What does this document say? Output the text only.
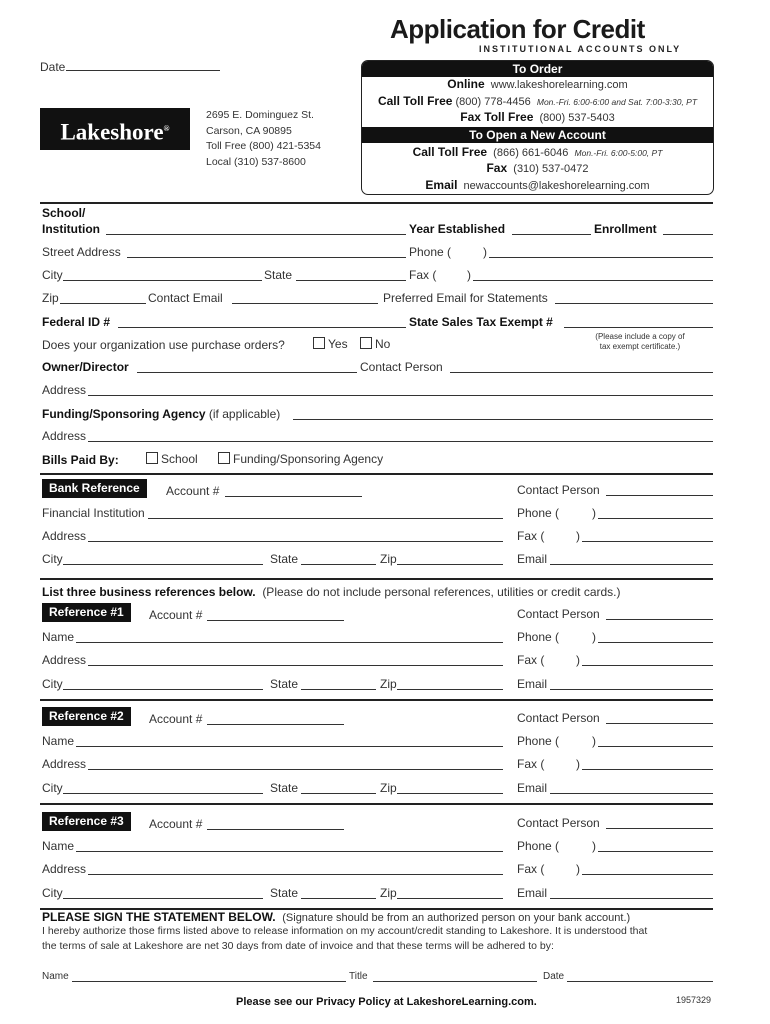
Application for Credit
INSTITUTIONAL ACCOUNTS ONLY
Date
Lakeshore®
2695 E. Dominguez St.
Carson, CA 90895
Toll Free (800) 421-5354
Local (310) 537-8600
To Order
Online www.lakeshorelearning.com
Call Toll Free (800) 778-4456 Mon.-Fri. 6:00-6:00 and Sat. 7:00-3:30, PT
Fax Toll Free (800) 537-5403
To Open a New Account
Call Toll Free (866) 661-6046 Mon.-Fri. 6:00-5:00, PT
Fax (310) 537-0472
Email newaccounts@lakeshorelearning.com
School/
Institution	Year Established	Enrollment
Street Address	Phone (	)
City	State	Fax (	)
Zip	Contact Email	Preferred Email for Statements
Federal ID #	State Sales Tax Exempt #
Does your organization use purchase orders?	Yes	No
(Please include a copy of
tax exempt certificate.)
Owner/Director	Contact Person
Address
Funding/Sponsoring Agency (if applicable)
Address
Bills Paid By:	School	Funding/Sponsoring Agency
Bank Reference	Account #	Contact Person
Financial Institution	Phone (	)
Address	Fax (	)
City	State	Zip	Email
List three business references below. (Please do not include personal references, utilities or credit cards.)
Reference #1	Account #	Contact Person
Name	Phone (	)
Address	Fax (	)
City	State	Zip	Email
Reference #2	Account #	Contact Person
Name	Phone (	)
Address	Fax (	)
City	State	Zip	Email
Reference #3	Account #	Contact Person
Name	Phone (	)
Address	Fax (	)
City	State	Zip	Email
PLEASE SIGN THE STATEMENT BELOW. (Signature should be from an authorized person on your bank account.)
I hereby authorize those firms listed above to release information on my account/credit standing to Lakeshore. It is understood that
the terms of sale at Lakeshore are net 30 days from date of invoice and that these terms will be adhered to by:
Name	Title	Date
Please see our Privacy Policy at LakeshoreLearning.com.	1957329
